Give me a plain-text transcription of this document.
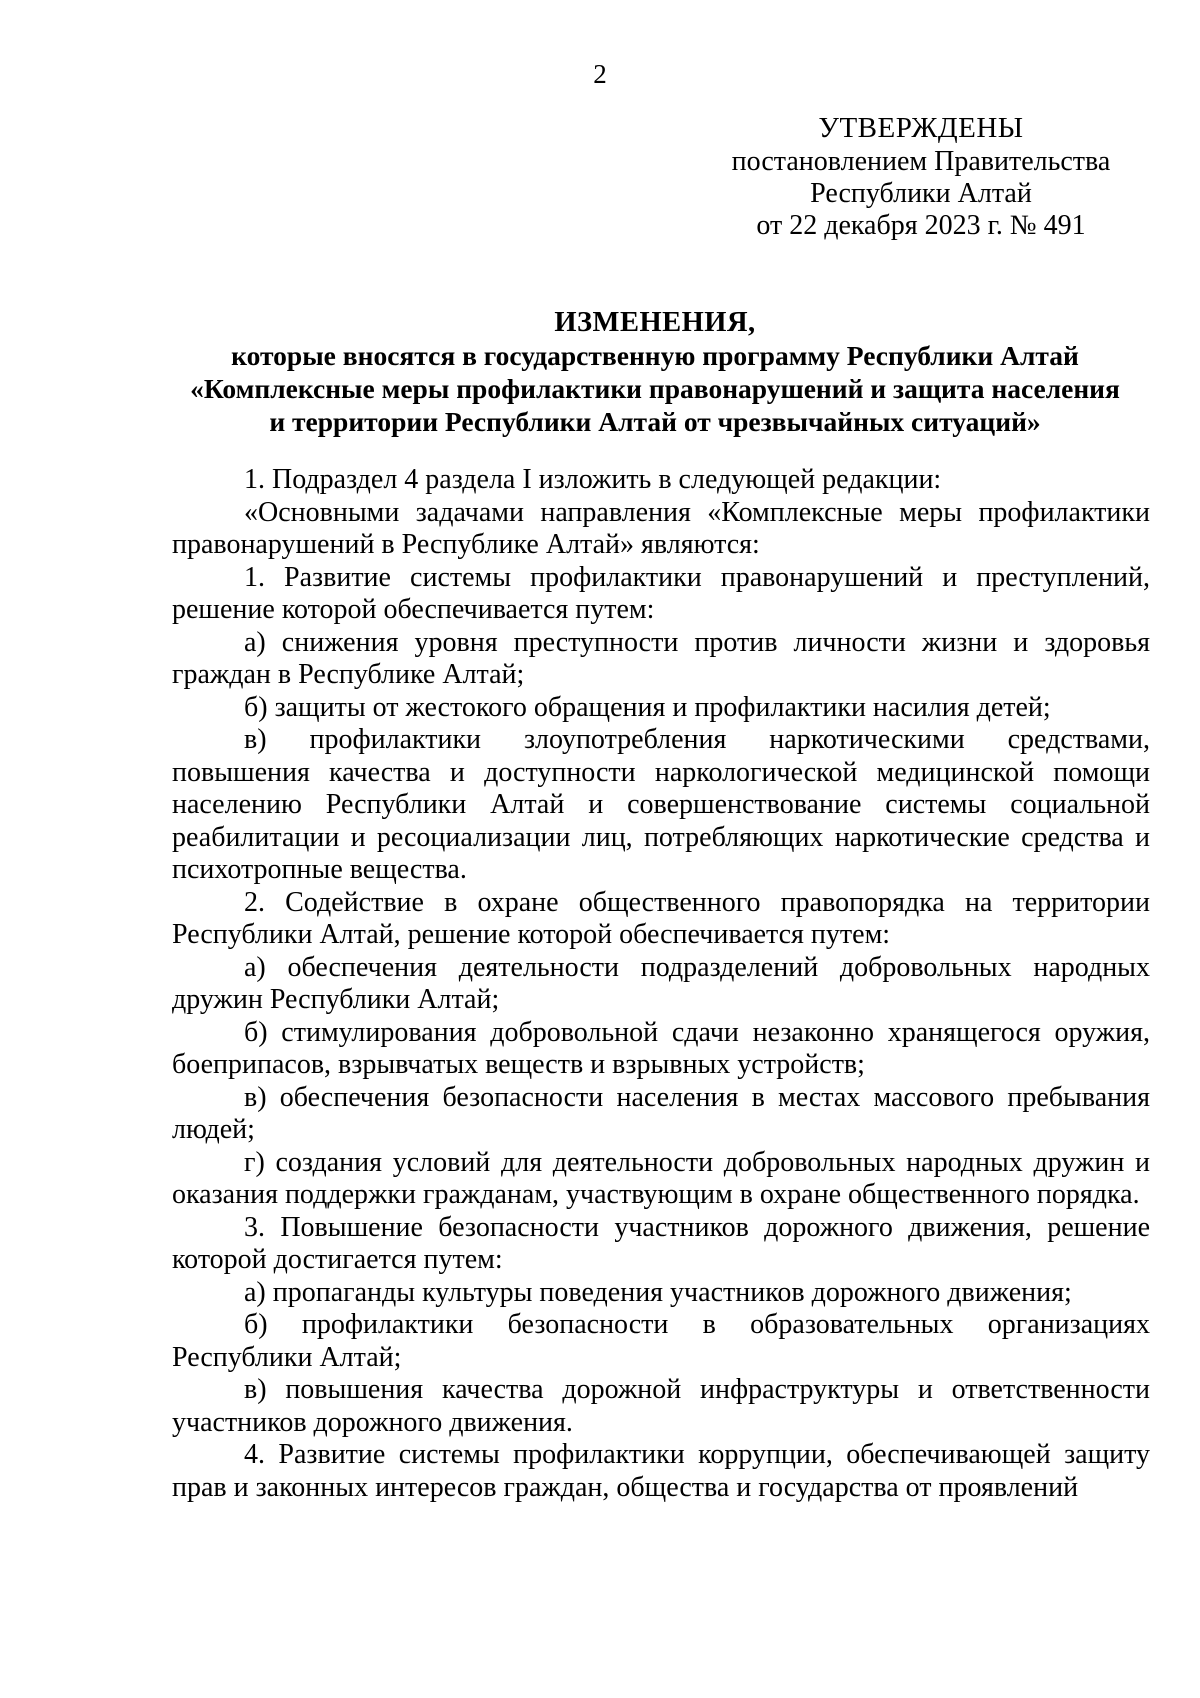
2
УТВЕРЖДЕНЫ
постановлением Правительства
Республики Алтай
от 22 декабря 2023 г. № 491
ИЗМЕНЕНИЯ,
которые вносятся в государственную программу Республики Алтай
«Комплексные меры профилактики правонарушений и защита населения
и территории Республики Алтай от чрезвычайных ситуаций»

1. Подраздел 4 раздела I изложить в следующей редакции:

«Основными задачами направления «Комплексные меры профилактики правонарушений в Республике Алтай» являются:

1. Развитие системы профилактики правонарушений и преступлений, решение которой обеспечивается путем:

а) снижения уровня преступности против личности жизни и здоровья граждан в Республике Алтай;

б) защиты от жестокого обращения и профилактики насилия детей;

в) профилактики злоупотребления наркотическими средствами, повышения качества и доступности наркологической медицинской помощи населению Республики Алтай и совершенствование системы социальной реабилитации и ресоциализации лиц, потребляющих наркотические средства и психотропные вещества.

2. Содействие в охране общественного правопорядка на территории Республики Алтай, решение которой обеспечивается путем:

а) обеспечения деятельности подразделений добровольных народных дружин Республики Алтай;

б) стимулирования добровольной сдачи незаконно хранящегося оружия, боеприпасов, взрывчатых веществ и взрывных устройств;

в) обеспечения безопасности населения в местах массового пребывания людей;

г) создания условий для деятельности добровольных народных дружин и оказания поддержки гражданам, участвующим в охране общественного порядка.

3. Повышение безопасности участников дорожного движения, решение которой достигается путем:

а) пропаганды культуры поведения участников дорожного движения;

б) профилактики безопасности в образовательных организациях Республики Алтай;

в) повышения качества дорожной инфраструктуры и ответственности участников дорожного движения.

4. Развитие системы профилактики коррупции, обеспечивающей защиту прав и законных интересов граждан, общества и государства от проявлений
